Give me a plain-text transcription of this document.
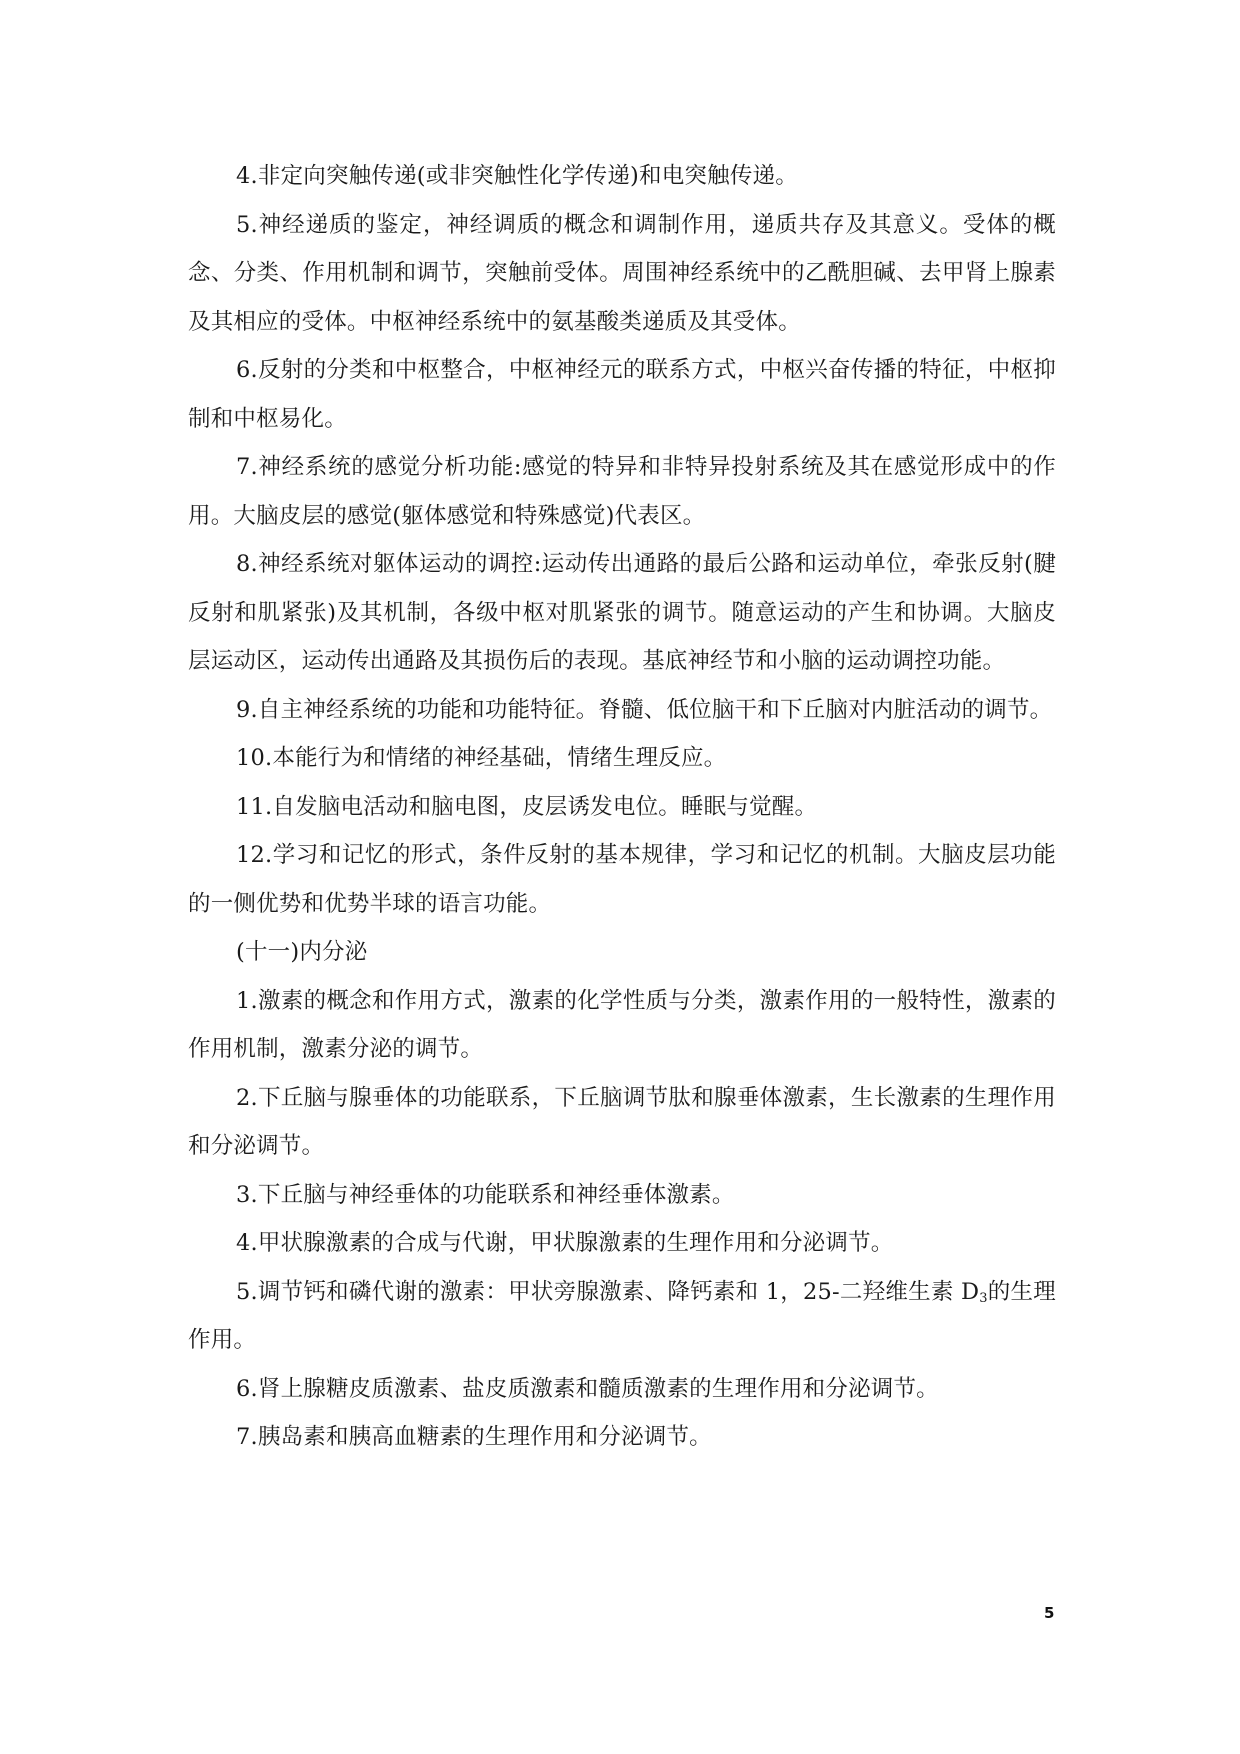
4.非定向突触传递(或非突触性化学传递)和电突触传递。

5.神经递质的鉴定，神经调质的概念和调制作用，递质共存及其意义。受体的概念、分类、作用机制和调节，突触前受体。周围神经系统中的乙酰胆碱、去甲肾上腺素及其相应的受体。中枢神经系统中的氨基酸类递质及其受体。

6.反射的分类和中枢整合，中枢神经元的联系方式，中枢兴奋传播的特征，中枢抑制和中枢易化。

7.神经系统的感觉分析功能:感觉的特异和非特异投射系统及其在感觉形成中的作用。大脑皮层的感觉(躯体感觉和特殊感觉)代表区。

8.神经系统对躯体运动的调控:运动传出通路的最后公路和运动单位，牵张反射(腱反射和肌紧张)及其机制，各级中枢对肌紧张的调节。随意运动的产生和协调。大脑皮层运动区，运动传出通路及其损伤后的表现。基底神经节和小脑的运动调控功能。

9.自主神经系统的功能和功能特征。脊髓、低位脑干和下丘脑对内脏活动的调节。

10.本能行为和情绪的神经基础，情绪生理反应。

11.自发脑电活动和脑电图，皮层诱发电位。睡眠与觉醒。

12.学习和记忆的形式，条件反射的基本规律，学习和记忆的机制。大脑皮层功能的一侧优势和优势半球的语言功能。

(十一)内分泌

1.激素的概念和作用方式，激素的化学性质与分类，激素作用的一般特性，激素的作用机制，激素分泌的调节。

2.下丘脑与腺垂体的功能联系，下丘脑调节肽和腺垂体激素，生长激素的生理作用和分泌调节。

3.下丘脑与神经垂体的功能联系和神经垂体激素。

4.甲状腺激素的合成与代谢，甲状腺激素的生理作用和分泌调节。

5.调节钙和磷代谢的激素：甲状旁腺激素、降钙素和 1，25-二羟维生素 $D_3$的生理作用。

6.肾上腺糖皮质激素、盐皮质激素和髓质激素的生理作用和分泌调节。

7.胰岛素和胰高血糖素的生理作用和分泌调节。

5
